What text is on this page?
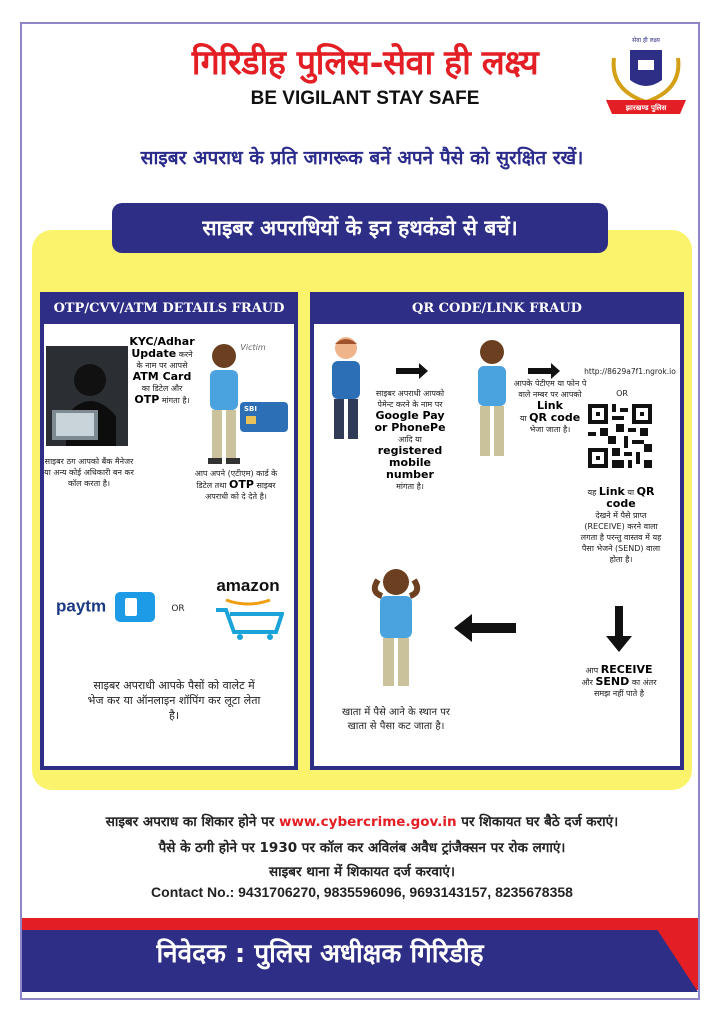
गिरिडीह पुलिस-सेवा ही लक्ष्य
BE VIGILANT STAY SAFE
सेवा ही लक्ष्य
झारखण्ड पुलिस
साइबर अपराध के प्रति जागरूक बनें अपने पैसे को सुरक्षित रखें।
साइबर अपराधियों के इन हथकंडो से बचें।
OTP/CVV/ATM DETAILS FRAUD
साइबर ठग आपको बैंक मैनेजर या अन्य कोई अधिकारी बन कर कॉल करता है।
KYC/Adhar
Update करने के नाम पर आपसे
ATM Card का डिटेल और OTP मांगता है।
Victim
SBI
आप अपने (एटीएम) कार्ड के डिटेल तथा OTP साइबर अपराधी को दे देते है।
paytm	OR
amazon
साइबर अपराधी आपके पैसों को वालेट में भेज कर या ऑनलाइन शॉपिंग कर लूटा लेता है।
QR CODE/LINK FRAUD
साइबर अपराधी आपको पेमेन्ट करने के नाम पर
Google Pay or PhonePe
आदि या registered mobile number
मांगता है।
आपके पेटीएम या फोन पे वाले नम्बर पर आपको
Link
या QR code
भेजा जाता है।
http://8629a7f1.ngrok.io
OR
यह Link या QR code
देखने में पैसे प्राप्त (RECEIVE) करने वाला लगता है परन्तु वास्तव में यह पैसा भेजने (SEND) वाला होता है।
आप RECEIVE
और SEND का अंतर समझ नहीं पाते है
खाता में पैसे आने के स्थान पर खाता से पैसा कट जाता है।
साइबर अपराध का शिकार होने पर www.cybercrime.gov.in पर शिकायत घर बैठे दर्ज कराएं।
पैसे के ठगी होने पर 1930 पर कॉल कर अविलंब अवैध ट्रांजैक्सन पर रोक लगाएं।
साइबर थाना में शिकायत दर्ज करवाएं।
Contact No.: 9431706270, 9835596096, 9693143157, 8235678358
निवेदक : पुलिस अधीक्षक गिरिडीह
